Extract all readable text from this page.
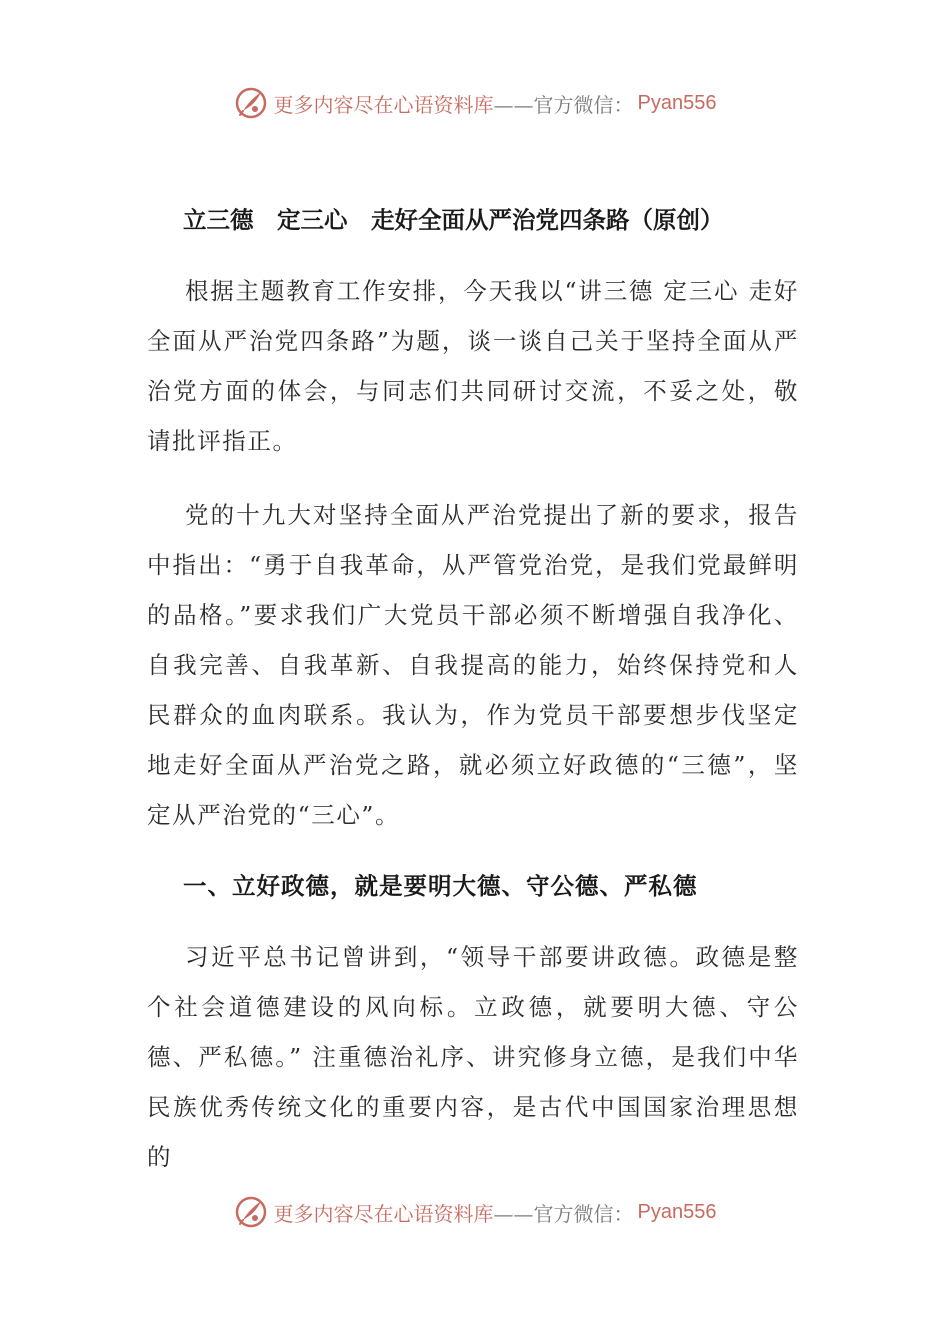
更多内容尽在心语资料库 ——官方微信： Pyan556
立三德　定三心　走好全面从严治党四条路（原创）

根据主题教育工作安排，今天我以“讲三德 定三心 走好全面从严治党四条路”为题，谈一谈自己关于坚持全面从严治党方面的体会，与同志们共同研讨交流，不妥之处，敬请批评指正。

党的十九大对坚持全面从严治党提出了新的要求，报告中指出：“勇于自我革命，从严管党治党，是我们党最鲜明的品格。”要求我们广大党员干部必须不断增强自我净化、自我完善、自我革新、自我提高的能力，始终保持党和人民群众的血肉联系。我认为，作为党员干部要想步伐坚定地走好全面从严治党之路，就必须立好政德的“三德”，坚定从严治党的“三心”。

一、立好政德，就是要明大德、守公德、严私德

习近平总书记曾讲到，“领导干部要讲政德。政德是整个社会道德建设的风向标。立政德，就要明大德、守公德、严私德。” 注重德治礼序、讲究修身立德，是我们中华民族优秀传统文化的重要内容，是古代中国国家治理思想的

更多内容尽在心语资料库 ——官方微信： Pyan556
